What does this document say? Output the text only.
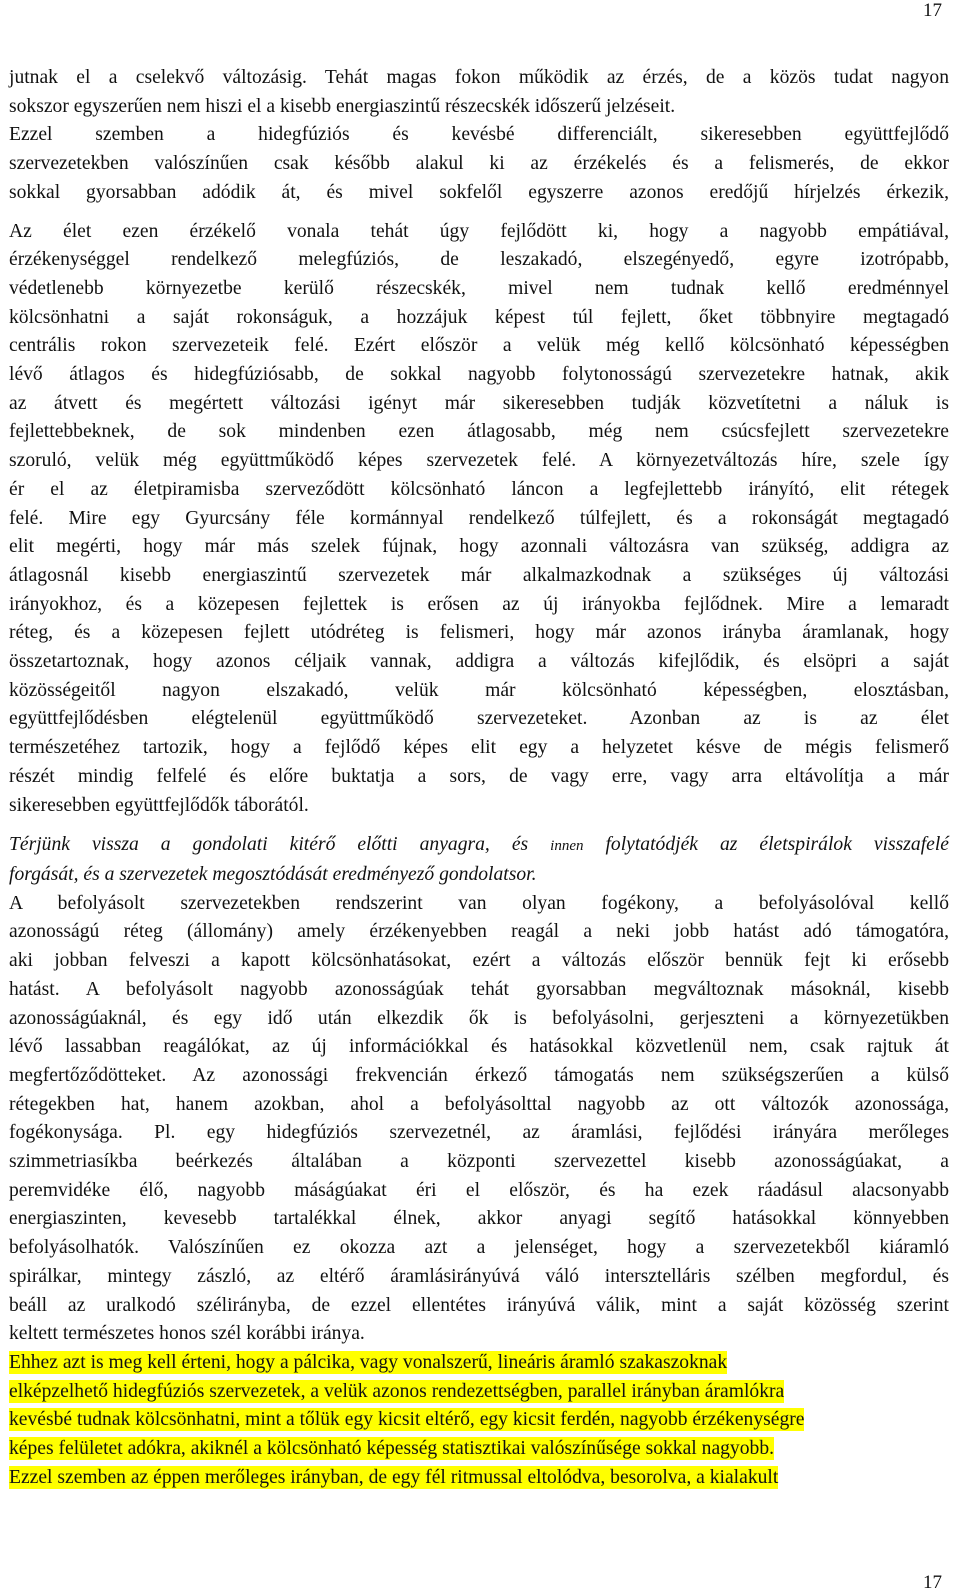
17
jutnak el a cselekvő változásig. Tehát magas fokon működik az érzés, de a közös tudat nagyon
sokszor egyszerűen nem hiszi el a kisebb energiaszintű részecskék időszerű jelzéseit.
Ezzel szemben a hidegfúziós és kevésbé differenciált, sikeresebben együttfejlődő
szervezetekben valószínűen csak később alakul ki az érzékelés és a felismerés, de ekkor
sokkal gyorsabban adódik át, és mivel sokfelől egyszerre azonos eredőjű hírjelzés érkezik,
Az élet ezen érzékelő vonala tehát úgy fejlődött ki, hogy a nagyobb empátiával,
érzékenységgel rendelkező melegfúziós, de leszakadó, elszegényedő, egyre izotrópabb,
védetlenebb környezetbe kerülő részecskék, mivel nem tudnak kellő eredménnyel
kölcsönhatni a saját rokonságuk, a hozzájuk képest túl fejlett, őket többnyire megtagadó
centrális rokon szervezeteik felé. Ezért először a velük még kellő kölcsönható képességben
lévő átlagos és hidegfúziósabb, de sokkal nagyobb folytonosságú szervezetekre hatnak, akik
az átvett és megértett változási igényt már sikeresebben tudják közvetítetni a náluk is
fejlettebbeknek, de sok mindenben ezen átlagosabb, még nem csúcsfejlett szervezetekre
szoruló, velük még együttműködő képes szervezetek felé. A környezetváltozás híre, szele így
ér el az életpiramisba szerveződött kölcsönható láncon a legfejlettebb irányító, elit rétegek
felé. Mire egy Gyurcsány féle kormánnyal rendelkező túlfejlett, és a rokonságát megtagadó
elit megérti, hogy már más szelek fújnak, hogy azonnali változásra van szükség, addigra az
átlagosnál kisebb energiaszintű szervezetek már alkalmazkodnak a szükséges új változási
irányokhoz, és a közepesen fejlettek is erősen az új irányokba fejlődnek. Mire a lemaradt
réteg, és a közepesen fejlett utódréteg is felismeri, hogy már azonos irányba áramlanak, hogy
összetartoznak, hogy azonos céljaik vannak, addigra a változás kifejlődik, és elsöpri a saját
közösségeitől nagyon elszakadó, velük már kölcsönható képességben, elosztásban,
együttfejlődésben elégtelenül együttműködő szervezeteket. Azonban az is az élet
természetéhez tartozik, hogy a fejlődő képes elit egy a helyzetet késve de mégis felismerő
részét mindig felfelé és előre buktatja a sors, de vagy erre, vagy arra eltávolítja a már
sikeresebben együttfejlődők táborától.
Térjünk vissza a gondolati kitérő előtti anyagra, és innen folytatódjék az életspirálok visszafelé
forgását, és a szervezetek megosztódását eredményező gondolatsor.
A befolyásolt szervezetekben rendszerint van olyan fogékony, a befolyásolóval kellő
azonosságú réteg (állomány) amely érzékenyebben reagál a neki jobb hatást adó támogatóra,
aki jobban felveszi a kapott kölcsönhatásokat, ezért a változás először bennük fejt ki erősebb
hatást. A befolyásolt nagyobb azonosságúak tehát gyorsabban megváltoznak másoknál, kisebb
azonosságúaknál, és egy idő után elkezdik ők is befolyásolni, gerjeszteni a környezetükben
lévő lassabban reagálókat, az új információkkal és hatásokkal közvetlenül nem, csak rajtuk át
megfertőződötteket. Az azonossági frekvencián érkező támogatás nem szükségszerűen a külső
rétegekben hat, hanem azokban, ahol a befolyásolttal nagyobb az ott változók azonossága,
fogékonysága. Pl. egy hidegfúziós szervezetnél, az áramlási, fejlődési irányára merőleges
szimmetriasíkba beérkezés általában a központi szervezettel kisebb azonosságúakat, a
peremvidéke élő, nagyobb máságúakat éri el először, és ha ezek ráadásul alacsonyabb
energiaszinten, kevesebb tartalékkal élnek, akkor anyagi segítő hatásokkal könnyebben
befolyásolhatók. Valószínűen ez okozza azt a jelenséget, hogy a szervezetekből kiáramló
spirálkar, mintegy zászló, az eltérő áramlásirányúvá váló intersztelláris szélben megfordul, és
beáll az uralkodó szélirányba, de ezzel ellentétes irányúvá válik, mint a saját közösség szerint
keltett természetes honos szél korábbi iránya.
Ehhez azt is meg kell érteni, hogy a pálcika, vagy vonalszerű, lineáris áramló szakaszoknak
elképzelhető hidegfúziós szervezetek, a velük azonos rendezettségben, parallel irányban áramlókra
kevésbé tudnak kölcsönhatni, mint a tőlük egy kicsit eltérő, egy kicsit ferdén, nagyobb érzékenységre
képes felületet adókra, akiknél a kölcsönható képesség statisztikai valószínűsége sokkal nagyobb.
Ezzel szemben az éppen merőleges irányban, de egy fél ritmussal eltolódva, besorolva, a kialakult
17
